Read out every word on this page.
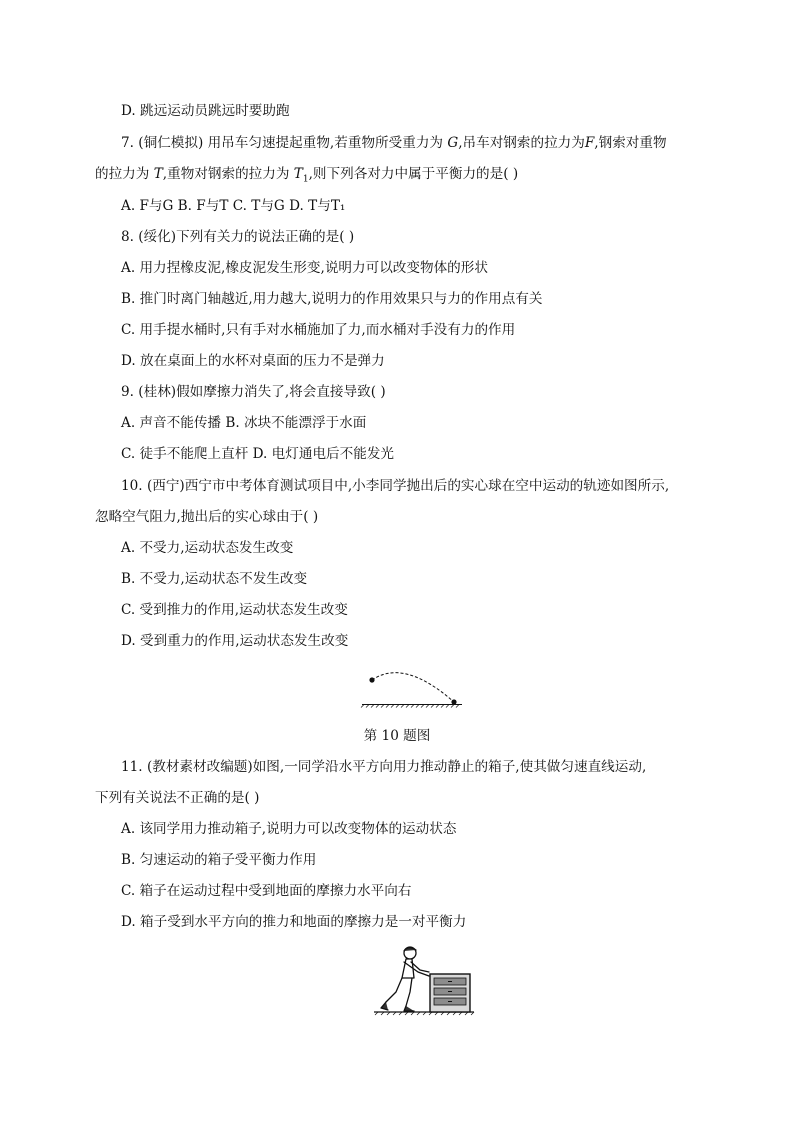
D. 跳远运动员跳远时要助跑
7. (铜仁模拟) 用吊车匀速提起重物,若重物所受重力为 G,吊车对钢索的拉力为F,钢索对重物
的拉力为 T,重物对钢索的拉力为 $T_1$,则下列各对力中属于平衡力的是( )
A. F与G B. F与T C. T与G D. T与T₁
8. (绥化)下列有关力的说法正确的是( )
A. 用力捏橡皮泥,橡皮泥发生形变,说明力可以改变物体的形状
B. 推门时离门轴越近,用力越大,说明力的作用效果只与力的作用点有关
C. 用手提水桶时,只有手对水桶施加了力,而水桶对手没有力的作用
D. 放在桌面上的水杯对桌面的压力不是弹力
9. (桂林)假如摩擦力消失了,将会直接导致( )
A. 声音不能传播 B. 冰块不能漂浮于水面
C. 徒手不能爬上直杆 D. 电灯通电后不能发光
10. (西宁)西宁市中考体育测试项目中,小李同学抛出后的实心球在空中运动的轨迹如图所示,
忽略空气阻力,抛出后的实心球由于( )
A. 不受力,运动状态发生改变
B. 不受力,运动状态不发生改变
C. 受到推力的作用,运动状态发生改变
D. 受到重力的作用,运动状态发生改变
第 10 题图
11. (教材素材改编题)如图,一同学沿水平方向用力推动静止的箱子,使其做匀速直线运动,
下列有关说法不正确的是( )
A. 该同学用力推动箱子,说明力可以改变物体的运动状态
B. 匀速运动的箱子受平衡力作用
C. 箱子在运动过程中受到地面的摩擦力水平向右
D. 箱子受到水平方向的推力和地面的摩擦力是一对平衡力
